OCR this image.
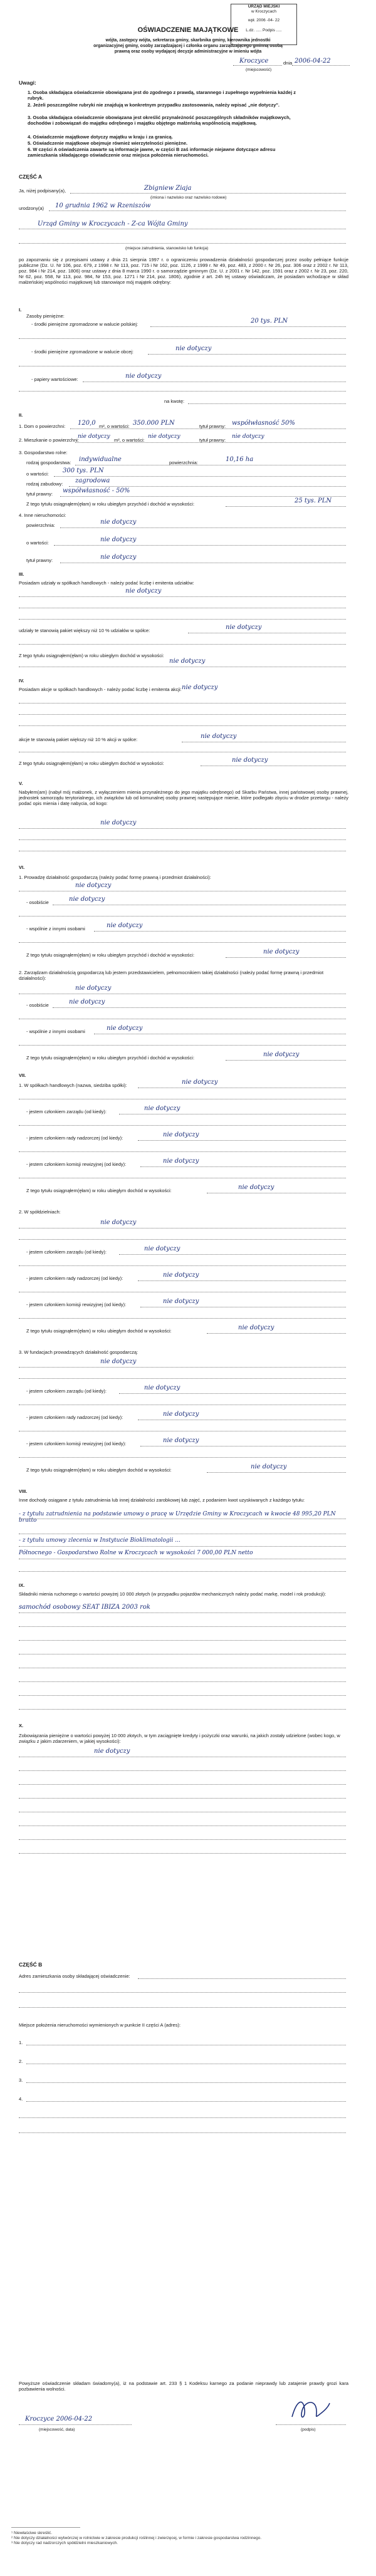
URZĄD MIEJSKI
w Kroczycach
wpł. 2006 -04- 22
L.dz. ..... Podpis .....
OŚWIADCZENIE MAJĄTKOWE
wójta, zastępcy wójta, sekretarza gminy, skarbnika gminy, kierownika jednostki
organizacyjnej gminy, osoby zarządzającej i członka organu zarządzającego gminną osobą
prawną oraz osoby wydającej decyzje administracyjne w imieniu wójta
Kroczyce	dnia 2006-04-22
(miejscowość)
Uwagi:
1. Osoba składająca oświadczenie obowiązana jest do zgodnego z prawdą, starannego i zupełnego wypełnienia każdej z rubryk.
2. Jeżeli poszczególne rubryki nie znajdują w konkretnym przypadku zastosowania, należy wpisać „nie dotyczy".
3. Osoba składająca oświadczenie obowiązana jest określić przynależność poszczególnych składników majątkowych, dochodów i zobowiązań do majątku odrębnego i majątku objętego małżeńską wspólnością majątkową.
4. Oświadczenie majątkowe dotyczy majątku w kraju i za granicą.
5. Oświadczenie majątkowe obejmuje również wierzytelności pieniężne.
6. W części A oświadczenia zawarte są informacje jawne, w części B zaś informacje niejawne dotyczące adresu zamieszkania składającego oświadczenie oraz miejsca położenia nieruchomości.
CZĘŚĆ A
Ja, niżej podpisany(a),	Zbigniew Ziaja
(imiona i nazwisko oraz nazwisko rodowe)
urodzony(a) 10 grudnia 1962 w Rzeniszów
Urząd Gminy w Kroczycach - Z-ca Wójta Gminy
(miejsce zatrudnienia, stanowisko lub funkcja)
po zapoznaniu się z przepisami ustawy z dnia 21 sierpnia 1997 r. o ograniczeniu prowadzenia działalności gospodarczej przez osoby pełniące funkcje publiczne (Dz. U. Nr 106, poz. 679, z 1998 r. Nr 113, poz. 715 i Nr 162, poz. 1126, z 1999 r. Nr 49, poz. 483, z 2000 r. Nr 26, poz. 306 oraz z 2002 r. Nr 113, poz. 984 i Nr 214, poz. 1806) oraz ustawy z dnia 8 marca 1990 r. o samorządzie gminnym (Dz. U. z 2001 r. Nr 142, poz. 1591 oraz z 2002 r. Nr 23, poz. 220, Nr 62, poz. 558, Nr 113, poz. 984, Nr 153, poz. 1271 i Nr 214, poz. 1806), zgodnie z art. 24h tej ustawy oświadczam, że posiadam wchodzące w skład małżeńskiej wspólności majątkowej lub stanowiące mój majątek odrębny:
I.
Zasoby pieniężne:
- środki pieniężne zgromadzone w walucie polskiej:	20 tys. PLN
- środki pieniężne zgromadzone w walucie obcej:	nie dotyczy
- papiery wartościowe:	nie dotyczy
na kwotę:
II.
1. Dom o powierzchni: 120,0 m², o wartości: 350.000 PLN	tytuł prawny: współwłasność 50%
2. Mieszkanie o powierzchni:
nie dotyczy
m², o wartości:
nie dotyczy
tytuł prawny:
nie dotyczy
3. Gospodarstwo rolne:
rodzaj gospodarstwa: indywidualne	powierzchnia:	10,16 ha
o wartości: 300 tys. PLN
rodzaj zabudowy: zagrodowa
tytuł prawny: współwłasność - 50%
Z tego tytułu osiągnąłem(ęłam) w roku ubiegłym przychód i dochód w wysokości:	25 tys. PLN
4. Inne nieruchomości:
powierzchnia:	nie dotyczy
o wartości:	nie dotyczy
tytuł prawny:	nie dotyczy
III.
Posiadam udziały w spółkach handlowych - należy podać liczbę i emitenta udziałów:
nie dotyczy
udziały te stanowią pakiet większy niż 10 % udziałów w spółce:	nie dotyczy
Z tego tytułu osiągnąłem(ęłam) w roku ubiegłym dochód w wysokości:
nie dotyczy
IV.
Posiadam akcje w spółkach handlowych - należy podać liczbę i emitenta akcji: nie dotyczy
akcje te stanowią pakiet większy niż 10 % akcji w spółce:	nie dotyczy
Z tego tytułu osiągnąłem(ęłam) w roku ubiegłym dochód w wysokości:	nie dotyczy
V.
Nabyłem(am) (nabył mój małżonek, z wyłączeniem mienia przynależnego do jego majątku odrębnego) od Skarbu Państwa, innej państwowej osoby prawnej, jednostek samorządu terytorialnego, ich związków lub od komunalnej osoby prawnej następujące mienie, które podlegało zbyciu w drodze przetargu - należy podać opis mienia i datę nabycia, od kogo:
nie dotyczy
VI.
1. Prowadzę działalność gospodarczą (należy podać formę prawną i przedmiot działalności):
nie dotyczy
- osobiście	nie dotyczy
- wspólnie z innymi osobami	nie dotyczy
Z tego tytułu osiągnąłem(ęłam) w roku ubiegłym przychód i dochód w wysokości:	nie dotyczy
2. Zarządzam działalnością gospodarczą lub jestem przedstawicielem, pełnomocnikiem takiej działalności (należy podać formę prawną i przedmiot działalności):
nie dotyczy
- osobiście	nie dotyczy
- wspólnie z innymi osobami	nie dotyczy
Z tego tytułu osiągnąłem(ęłam) w roku ubiegłym przychód i dochód w wysokości:	nie dotyczy
VII.
1. W spółkach handlowych (nazwa, siedziba spółki):	nie dotyczy
- jestem członkiem zarządu (od kiedy):	nie dotyczy
- jestem członkiem rady nadzorczej (od kiedy):	nie dotyczy
- jestem członkiem komisji rewizyjnej (od kiedy):	nie dotyczy
Z tego tytułu osiągnąłem(ęłam) w roku ubiegłym dochód w wysokości:	nie dotyczy
2. W spółdzielniach:
nie dotyczy
- jestem członkiem zarządu (od kiedy):	nie dotyczy
- jestem członkiem rady nadzorczej (od kiedy):	nie dotyczy
- jestem członkiem komisji rewizyjnej (od kiedy):	nie dotyczy
Z tego tytułu osiągnąłem(ęłam) w roku ubiegłym dochód w wysokości:	nie dotyczy
3. W fundacjach prowadzących działalność gospodarczą:
nie dotyczy
- jestem członkiem zarządu (od kiedy):	nie dotyczy
- jestem członkiem rady nadzorczej (od kiedy):	nie dotyczy
- jestem członkiem komisji rewizyjnej (od kiedy):	nie dotyczy
Z tego tytułu osiągnąłem(ęłam) w roku ubiegłym dochód w wysokości:	nie dotyczy
VIII.
Inne dochody osiągane z tytułu zatrudnienia lub innej działalności zarobkowej lub zajęć, z podaniem kwot uzyskiwanych z każdego tytułu:
- z tytułu zatrudnienia na podstawie umowy o pracę w Urzędzie Gminy w Kroczycach w kwocie 48 995,20 PLN brutto
- z tytułu umowy zlecenia w Instytucie Bioklimatologii ...
Północnego - Gospodarstwo Rolne w Kroczycach w wysokości 7 000,00 PLN netto
IX.
Składniki mienia ruchomego o wartości powyżej 10 000 złotych (w przypadku pojazdów mechanicznych należy podać markę, model i rok produkcji):
samochód osobowy SEAT IBIZA 2003 rok
X.
Zobowiązania pieniężne o wartości powyżej 10 000 złotych, w tym zaciągnięte kredyty i pożyczki oraz warunki, na jakich zostały udzielone (wobec kogo, w związku z jakim zdarzeniem, w jakiej wysokości):
nie dotyczy
CZĘŚĆ B
Adres zamieszkania osoby składającej oświadczenie:
Miejsce położenia nieruchomości wymienionych w punkcie II części A (adres):
1.
2.
3.
4.
Powyższe oświadczenie składam świadomy(a), iż na podstawie art. 233 § 1 Kodeksu karnego za podanie nieprawdy lub zatajenie prawdy grozi kara pozbawienia wolności.
Kroczyce 2006-04-22
(miejscowość, data)	(podpis)
¹ Niewłaściwe skreślić.
² Nie dotyczy działalności wytwórczej w rolnictwie w zakresie produkcji roślinnej i zwierzęcej, w formie i zakresie gospodarstwa rodzinnego.
³ Nie dotyczy rad nadzorczych spółdzielni mieszkaniowych.
